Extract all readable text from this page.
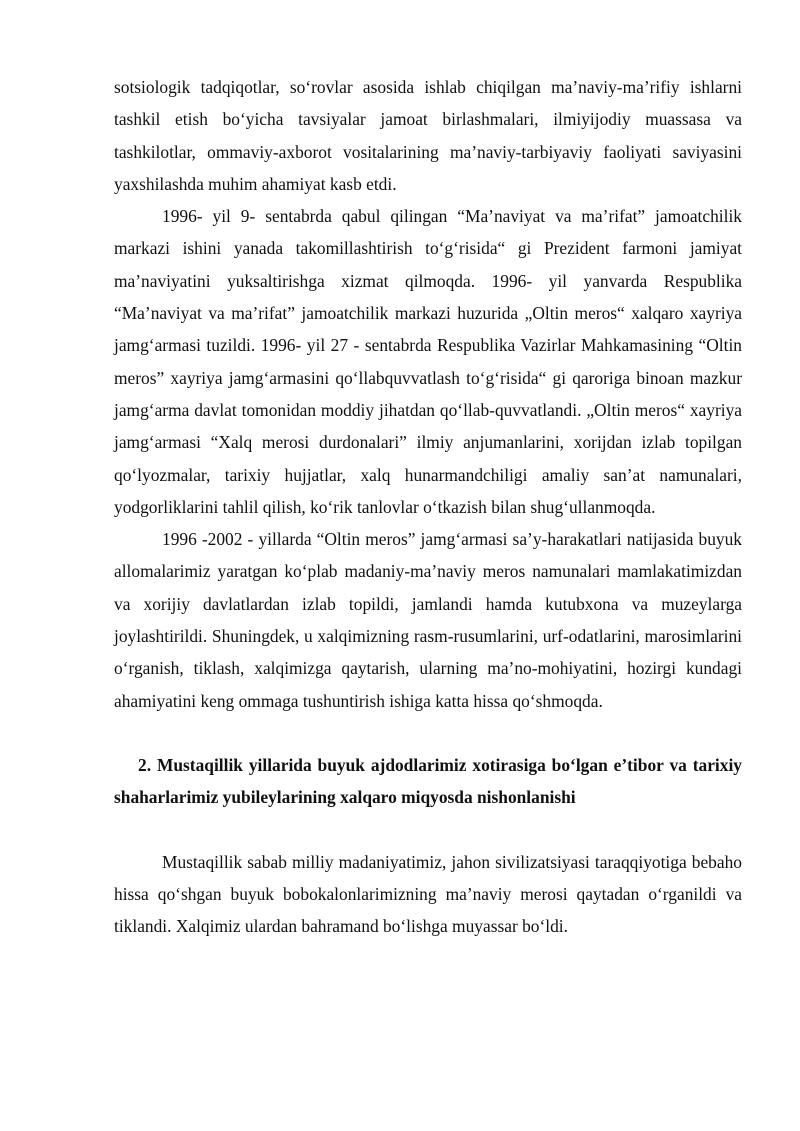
sotsiologik tadqiqotlar, so‘rovlar asosida ishlab chiqilgan ma’naviy-ma’rifiy ishlarni tashkil etish bo‘yicha tavsiyalar jamoat birlashmalari, ilmiyijodiy muassasa va tashkilotlar, ommaviy-axborot vositalarining ma’naviy-tarbiyaviy faoliyati saviyasini yaxshilashda muhim ahamiyat kasb etdi.

1996- yil 9- sentabrda qabul qilingan “Ma’naviyat va ma’rifat” jamoatchilik markazi ishini yanada takomillashtirish to‘g‘risida“ gi Prezident farmoni jamiyat ma’naviyatini yuksaltirishga xizmat qilmoqda. 1996- yil yanvarda Respublika “Ma’naviyat va ma’rifat” jamoatchilik markazi huzurida „Oltin meros“ xalqaro xayriya jamg‘armasi tuzildi. 1996- yil 27 - sentabrda Respublika Vazirlar Mahkamasining “Oltin meros” xayriya jamg‘armasini qo‘llabquvvatlash to‘g‘risida“ gi qaroriga binoan mazkur jamg‘arma davlat tomonidan moddiy jihatdan qo‘llab-quvvatlandi. „Oltin meros“ xayriya jamg‘armasi “Xalq merosi durdonalari” ilmiy anjumanlarini, xorijdan izlab topilgan qo‘lyozmalar, tarixiy hujjatlar, xalq hunarmandchiligi amaliy san’at namunalari, yodgorliklarini tahlil qilish, ko‘rik tanlovlar o‘tkazish bilan shug‘ullanmoqda.

1996 -2002 - yillarda “Oltin meros” jamg‘armasi sa’y-harakatlari natijasida buyuk allomalarimiz yaratgan ko‘plab madaniy-ma’naviy meros namunalari mamlakatimizdan va xorijiy davlatlardan izlab topildi, jamlandi hamda kutubxona va muzeylarga joylashtirildi. Shuningdek, u xalqimizning rasm-rusumlarini, urf-odatlarini, marosimlarini o‘rganish, tiklash, xalqimizga qaytarish, ularning ma’no-mohiyatini, hozirgi kundagi ahamiyatini keng ommaga tushuntirish ishiga katta hissa qo‘shmoqda.

2. Mustaqillik yillarida buyuk ajdodlarimiz xotirasiga bo‘lgan e’tibor va tarixiy shaharlarimiz yubileylarining xalqaro miqyosda nishonlanishi

Mustaqillik sabab milliy madaniyatimiz, jahon sivilizatsiyasi taraqqiyotiga bebaho hissa qo‘shgan buyuk bobokalonlarimizning ma’naviy merosi qaytadan o‘rganildi va tiklandi. Xalqimiz ulardan bahramand bo‘lishga muyassar bo‘ldi.
